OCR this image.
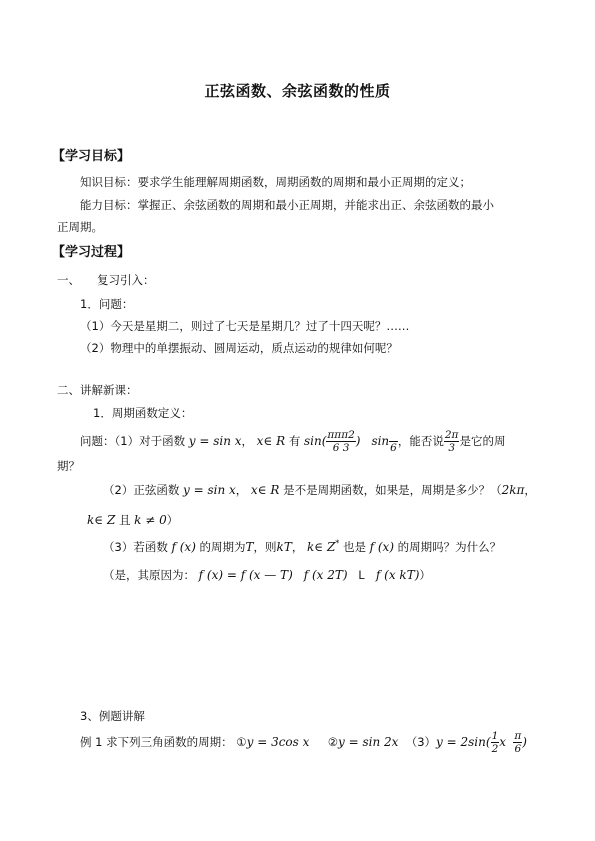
正弦函数、余弦函数的性质
【学习目标】
知识目标：要求学生能理解周期函数，周期函数的周期和最小正周期的定义；
能力目标：掌握正、余弦函数的周期和最小正周期，并能求出正、余弦函数的最小
正周期。
【学习过程】
一、 复习引入：
1．问题：
（1）今天是星期二，则过了七天是星期几？过了十四天呢？……
（2）物理中的单摆振动、圆周运动，质点运动的规律如何呢？
二、讲解新课：
1．周期函数定义：
问题：（1）对于函数 y = sin x， x∈ R 有 $\sin( \frac{\text{πππ2}}{6 3}$ ) sin
6 ，能否说 $\frac{2\pi}{3}$ 是它的周
期？
（2）正弦函数 y = sin x， x∈ R 是不是周期函数，如果是，周期是多少？（2kπ，
k∈ Z 且 k ≠ 0）
（3）若函数 f (x) 的周期为T，则kT， k∈ Z* 也是 f (x) 的周期吗？为什么？
（是，其原因为： f (x) = f (x — T) f (x 2T) L f (x kT)）
3、例题讲解
例 1 求下列三角函数的周期： ①y = 3cos x ②y = sin 2x $(3)y = 2\sin( \frac{1}{2}$ x $\frac{\pi}{6}$ )
